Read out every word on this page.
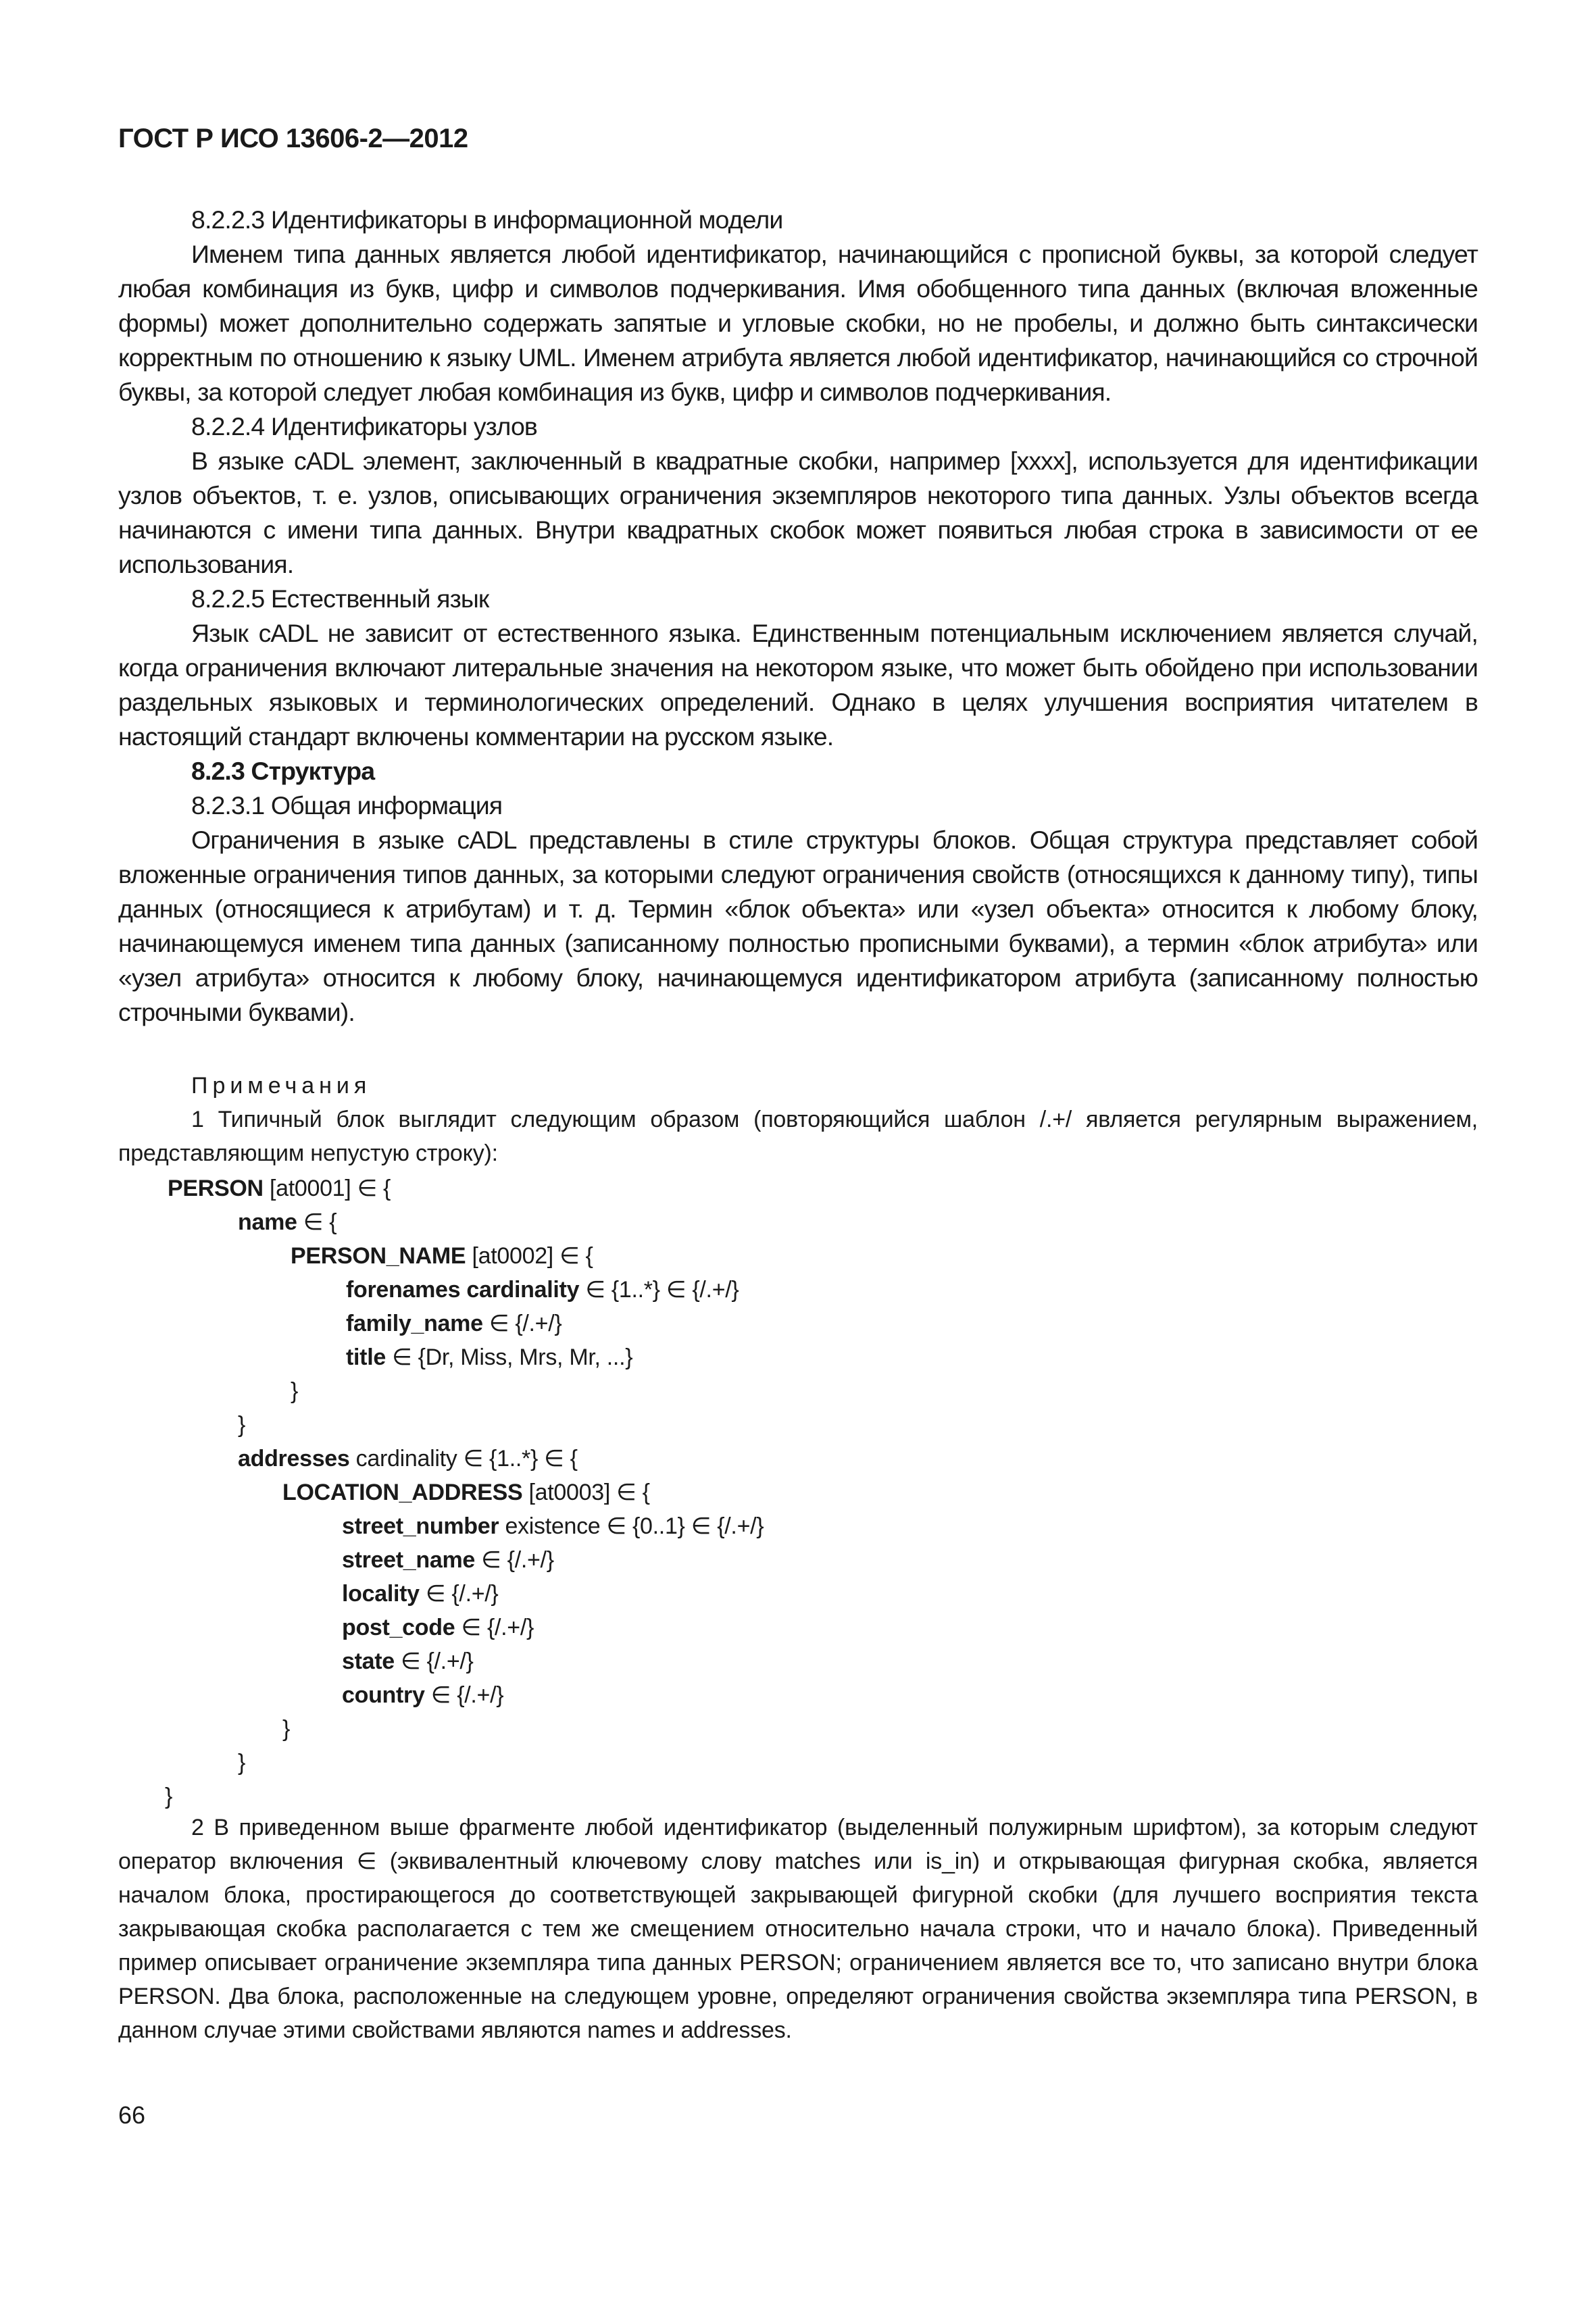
ГОСТ Р ИСО 13606-2—2012

8.2.2.3 Идентификаторы в информационной модели

Именем типа данных является любой идентификатор, начинающийся с прописной буквы, за которой следует любая комбинация из букв, цифр и символов подчеркивания. Имя обобщенного типа данных (включая вложенные формы) может дополнительно содержать запятые и угловые скобки, но не пробелы, и должно быть синтаксически корректным по отношению к языку UML. Именем атрибута является любой идентификатор, начинающийся со строчной буквы, за которой следует любая комбинация из букв, цифр и символов подчеркивания.

8.2.2.4 Идентификаторы узлов

В языке cADL элемент, заключенный в квадратные скобки, например [хххх], используется для идентификации узлов объектов, т. е. узлов, описывающих ограничения экземпляров некоторого типа данных. Узлы объектов всегда начинаются с имени типа данных. Внутри квадратных скобок может появиться любая строка в зависимости от ее использования.

8.2.2.5 Естественный язык

Язык cADL не зависит от естественного языка. Единственным потенциальным исключением является случай, когда ограничения включают литеральные значения на некотором языке, что может быть обойдено при использовании раздельных языковых и терминологических определений. Однако в целях улучшения восприятия читателем в настоящий стандарт включены комментарии на русском языке.

8.2.3 Структура

8.2.3.1 Общая информация

Ограничения в языке cADL представлены в стиле структуры блоков. Общая структура представляет собой вложенные ограничения типов данных, за которыми следуют ограничения свойств (относящихся к данному типу), типы данных (относящиеся к атрибутам) и т. д. Термин «блок объекта» или «узел объекта» относится к любому блоку, начинающемуся именем типа данных (записанному полностью прописными буквами), а термин «блок атрибута» или «узел атрибута» относится к любому блоку, начинающемуся идентификатором атрибута (записанному полностью строчными буквами).

Примечания

1 Типичный блок выглядит следующим образом (повторяющийся шаблон /.+/ является регулярным выражением, представляющим непустую строку):

PERSON [at0001] ∈ {
name ∈ {
PERSON_NAME [at0002] ∈ {
forenames cardinality ∈ {1..*} ∈ {/.+/}
family_name ∈ {/.+/}
title ∈ {Dr, Miss, Mrs, Mr, ...}
}
}
addresses cardinality ∈ {1..*} ∈ {
LOCATION_ADDRESS [at0003] ∈ {
street_number existence ∈ {0..1} ∈ {/.+/}
street_name ∈ {/.+/}
locality ∈ {/.+/}
post_code ∈ {/.+/}
state ∈ {/.+/}
country ∈ {/.+/}
}
}
}

2 В приведенном выше фрагменте любой идентификатор (выделенный полужирным шрифтом), за которым следуют оператор включения ∈ (эквивалентный ключевому слову matches или is_in) и открывающая фигурная скобка, является началом блока, простирающегося до соответствующей закрывающей фигурной скобки (для лучшего восприятия текста закрывающая скобка располагается с тем же смещением относительно начала строки, что и начало блока). Приведенный пример описывает ограничение экземпляра типа данных PERSON; ограничением является все то, что записано внутри блока PERSON. Два блока, расположенные на следующем уровне, определяют ограничения свойства экземпляра типа PERSON, в данном случае этими свойствами являются names и addresses.

66
